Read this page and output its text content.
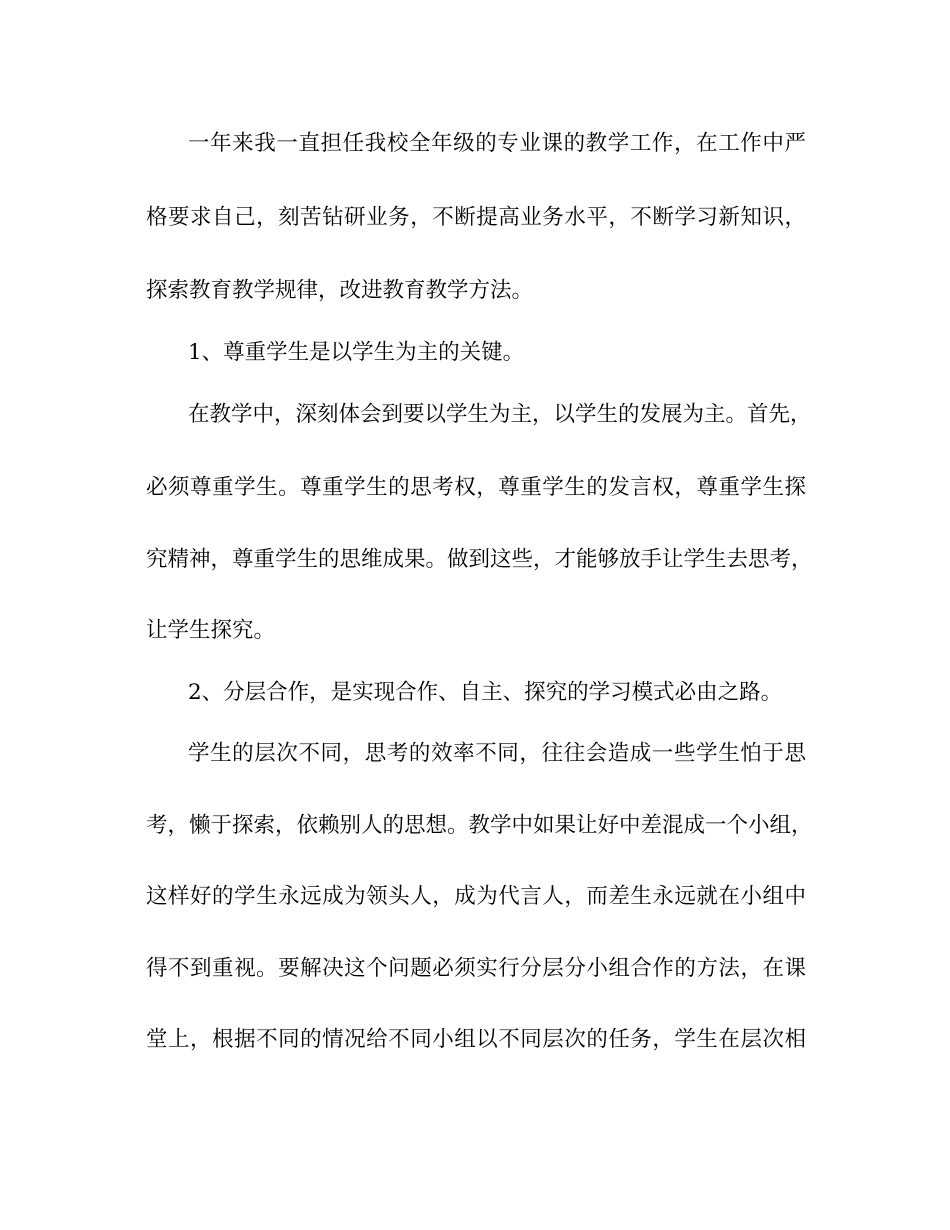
一年来我一直担任我校全年级的专业课的教学工作，在工作中严
格要求自己，刻苦钻研业务，不断提高业务水平，不断学习新知识，
探索教育教学规律，改进教育教学方法。
1、尊重学生是以学生为主的关键。
在教学中，深刻体会到要以学生为主，以学生的发展为主。首先，
必须尊重学生。尊重学生的思考权，尊重学生的发言权，尊重学生探
究精神，尊重学生的思维成果。做到这些，才能够放手让学生去思考，
让学生探究。
2、分层合作，是实现合作、自主、探究的学习模式必由之路。
学生的层次不同，思考的效率不同，往往会造成一些学生怕于思
考，懒于探索，依赖别人的思想。教学中如果让好中差混成一个小组，
这样好的学生永远成为领头人，成为代言人，而差生永远就在小组中
得不到重视。要解决这个问题必须实行分层分小组合作的方法，在课
堂上，根据不同的情况给不同小组以不同层次的任务，学生在层次相
